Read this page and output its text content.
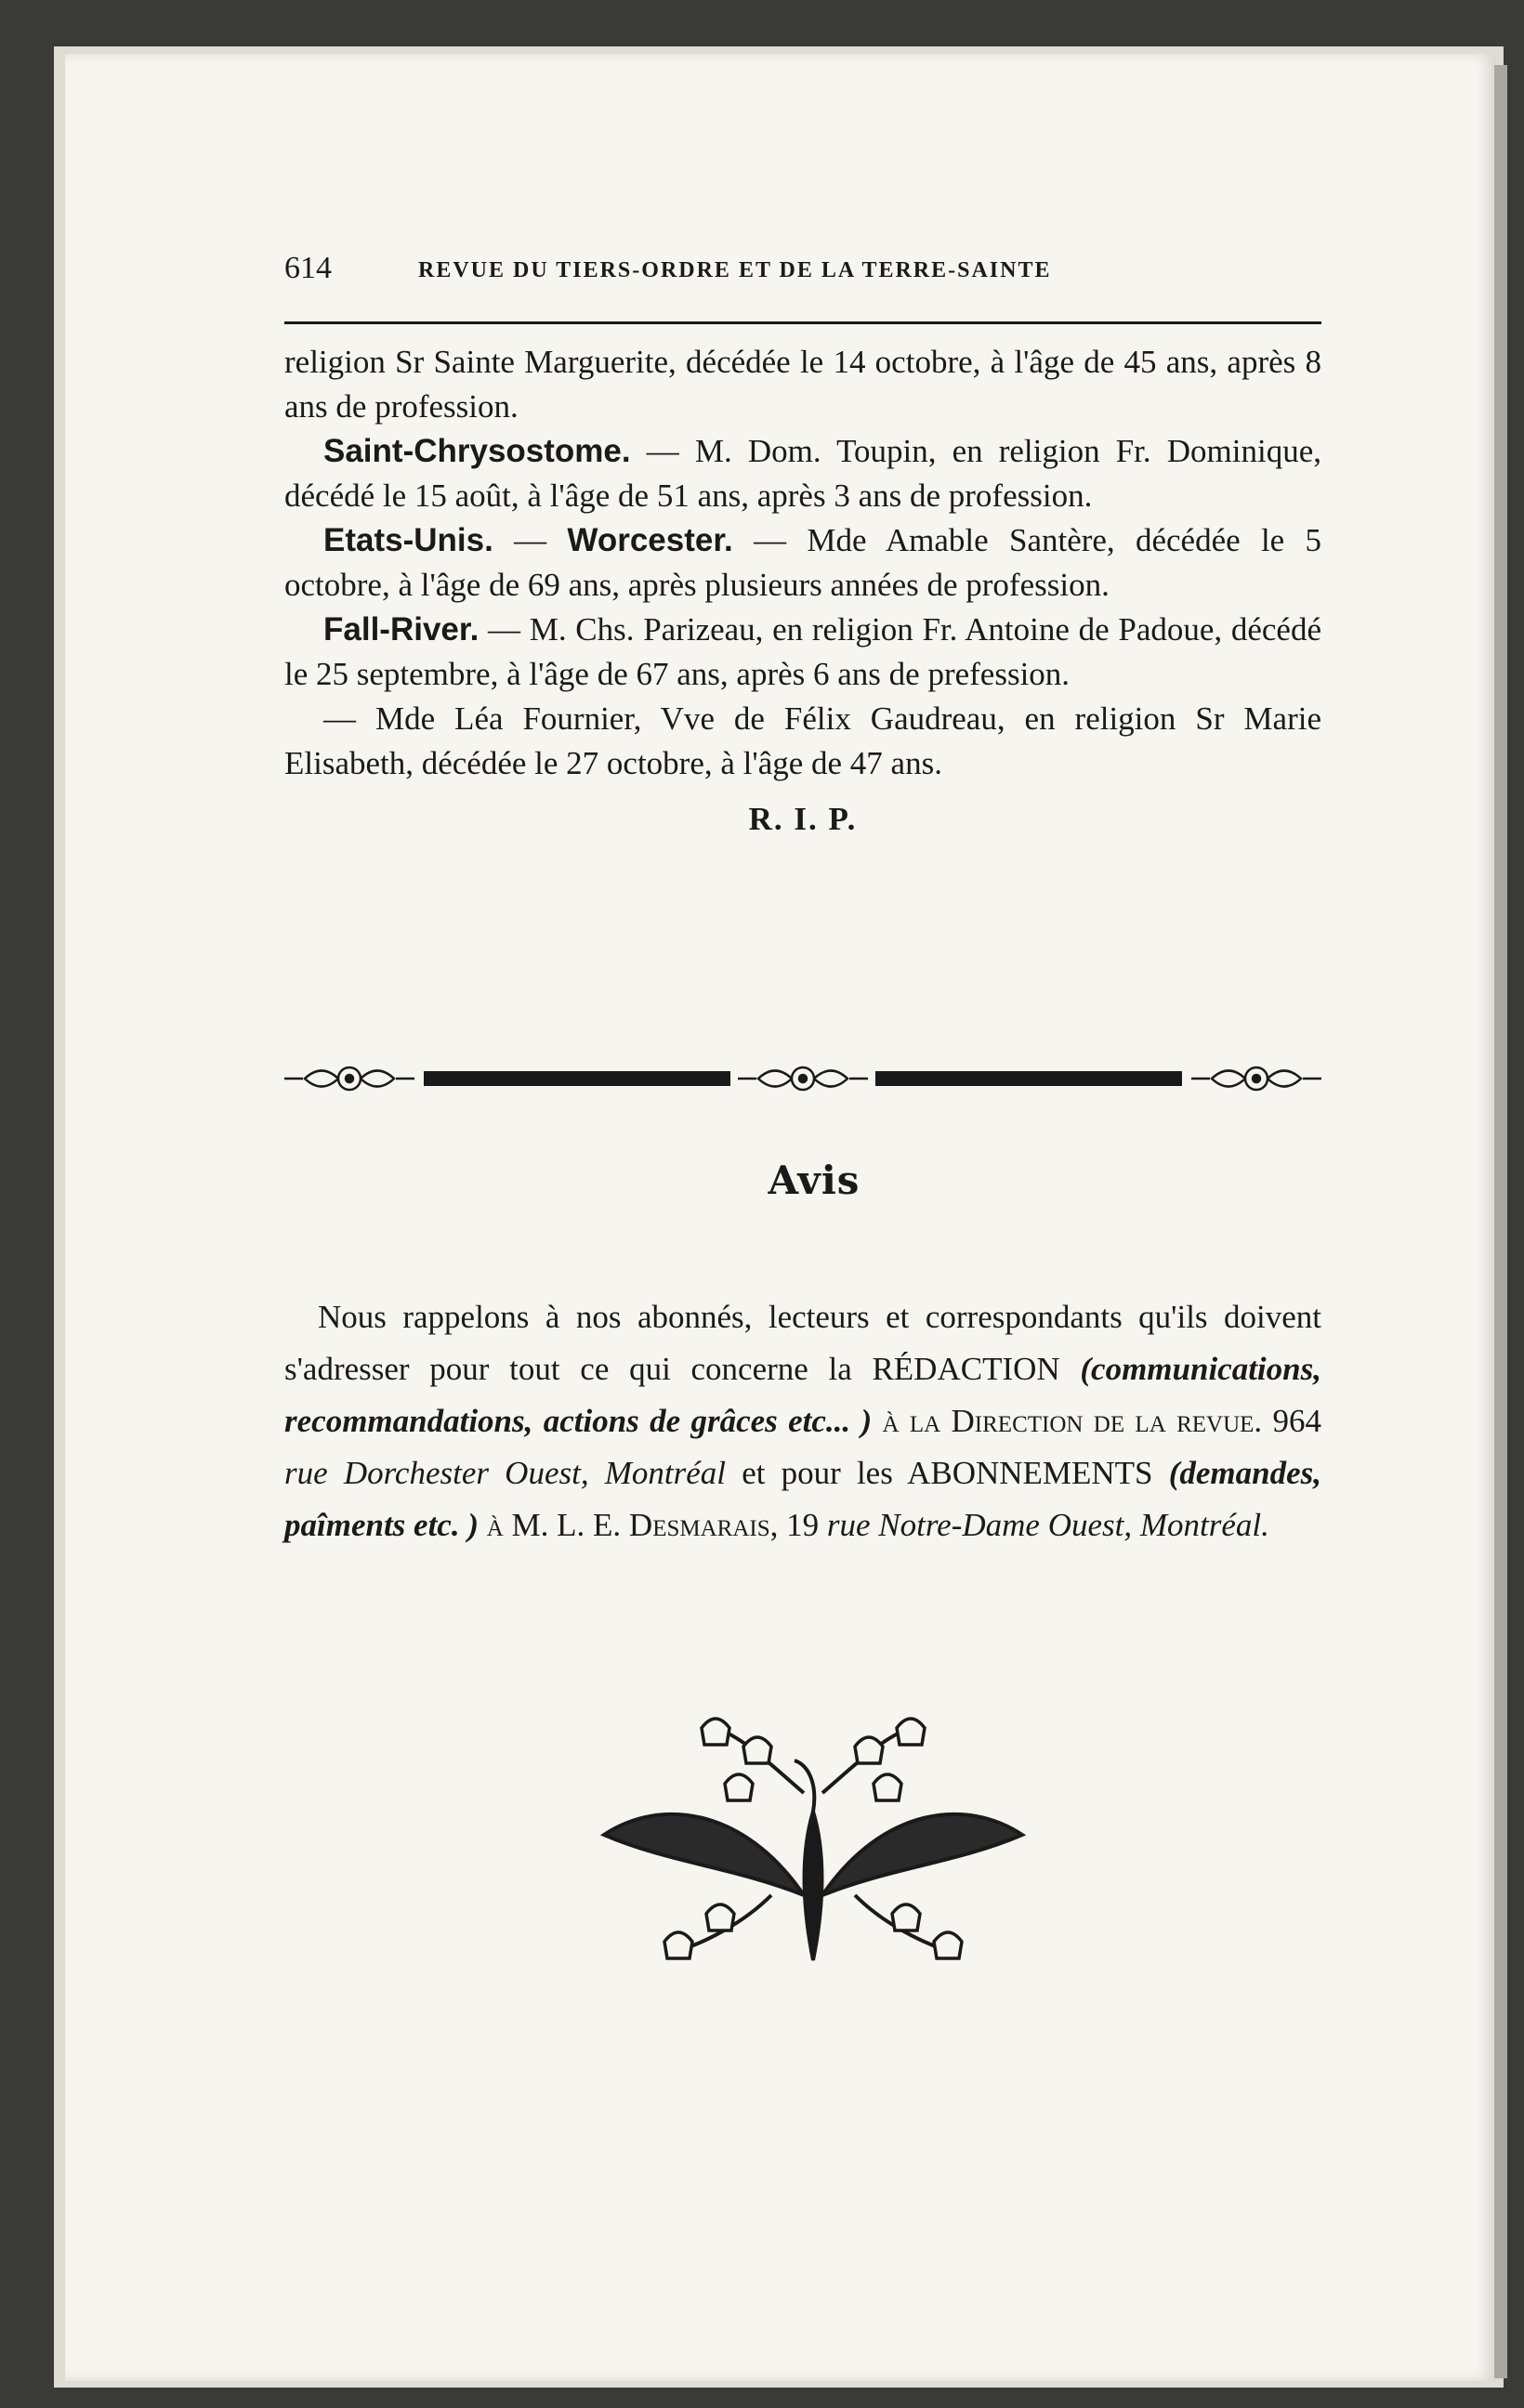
614	REVUE DU TIERS-ORDRE ET DE LA TERRE-SAINTE

religion Sr Sainte Marguerite, décédée le 14 octobre, à l'âge de 45 ans, après 8 ans de profession.

Saint-Chrysostome. — M. Dom. Toupin, en religion Fr. Dominique, décédé le 15 août, à l'âge de 51 ans, après 3 ans de profession.

Etats-Unis. — Worcester. — Mde Amable Santère, décédée le 5 octobre, à l'âge de 69 ans, après plusieurs années de profession.

Fall-River. — M. Chs. Parizeau, en religion Fr. Antoine de Padoue, décédé le 25 septembre, à l'âge de 67 ans, après 6 ans de prefession.

— Mde Léa Fournier, Vve de Félix Gaudreau, en religion Sr Marie Elisabeth, décédée le 27 octobre, à l'âge de 47 ans.

R. I. P.

Avis

Nous rappelons à nos abonnés, lecteurs et correspondants qu'ils doivent s'adresser pour tout ce qui concerne la RÉDACTION (communications, recommandations, actions de grâces etc... ) à la Direction de la revue. 964 rue Dorchester Ouest, Montréal et pour les ABONNEMENTS (demandes, paîments etc. ) à M. L. E. Desmarais, 19 rue Notre-Dame Ouest, Montréal.
